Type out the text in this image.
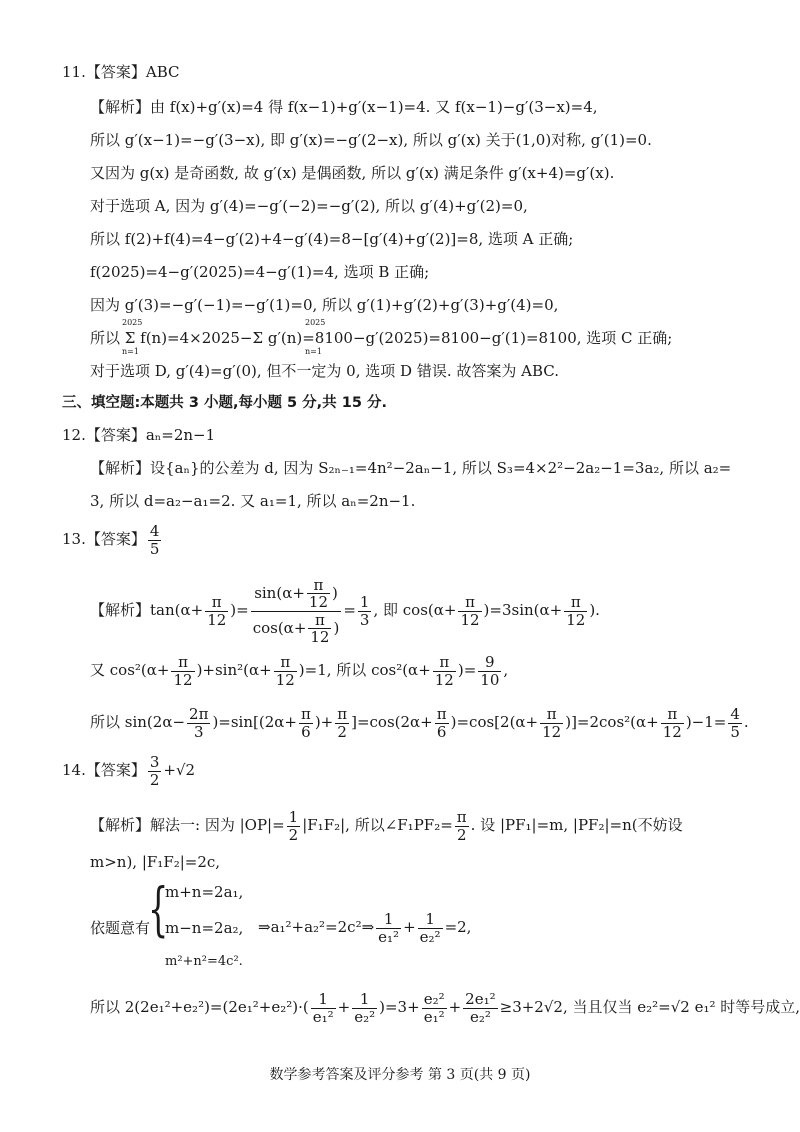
11.【答案】ABC
【解析】由 f(x)+g′(x)=4 得 f(x−1)+g′(x−1)=4. 又 f(x−1)−g′(3−x)=4,
所以 g′(x−1)=−g′(3−x), 即 g′(x)=−g′(2−x), 所以 g′(x) 关于(1,0)对称, g′(1)=0.
又因为 g(x) 是奇函数, 故 g′(x) 是偶函数, 所以 g′(x) 满足条件 g′(x+4)=g′(x).
对于选项 A, 因为 g′(4)=−g′(−2)=−g′(2), 所以 g′(4)+g′(2)=0,
所以 f(2)+f(4)=4−g′(2)+4−g′(4)=8−[g′(4)+g′(2)]=8, 选项 A 正确;
f(2025)=4−g′(2025)=4−g′(1)=4, 选项 B 正确;
因为 g′(3)=−g′(−1)=−g′(1)=0, 所以 g′(1)+g′(2)+g′(3)+g′(4)=0,
2025	2025
所以 Σ f(n)=4×2025−Σ g′(n)=8100−g′(2025)=8100−g′(1)=8100, 选项 C 正确;
n=1	n=1
对于选项 D, g′(4)=g′(0), 但不一定为 0, 选项 D 错误. 故答案为 ABC.
三、填空题:本题共 3 小题,每小题 5 分,共 15 分.
12.【答案】aₙ=2n−1
【解析】设{aₙ}的公差为 d, 因为 S₂ₙ₋₁=4n²−2aₙ−1, 所以 S₃=4×2²−2a₂−1=3a₂, 所以 a₂=
3, 所以 d=a₂−a₁=2. 又 a₁=1, 所以 aₙ=2n−1.
13.【答案】 $\frac{4}{5}$
【解析】$\tan(\alpha+ \frac{\pi}{12}$ )= $\frac{\sin(\alpha+ \frac{\pi}{12} )}{\cos(\alpha+ \frac{\pi}{12} )} = \frac{1}{3}$ , 即 $\cos(\alpha+ \frac{\pi}{12} )=3\sin(\alpha+ \frac{\pi}{12}$ ).
又 $\cos^2(\alpha+ \frac{\pi}{12} )+\sin^2(\alpha+ \frac{\pi}{12} )=1$, 所以 $\cos^2(\alpha+ \frac{\pi}{12}$ )= $\frac{9}{10}$ ,
所以 $\sin(2\alpha- \frac{2\pi}{3} )=\sin[(2\alpha+ \frac{\pi}{6}$ )+ $\frac{\pi}{2} ]=\cos(2\alpha+ \frac{\pi}{6} )=\cos[2(\alpha+ \frac{\pi}{12} )]=2\cos^2(\alpha+ \frac{\pi}{12} )-1= \frac{4}{5}$ .
14.【答案】 $\frac{3}{2} +√2$
【解析】解法一: 因为 $|OP|= \frac{1}{2} |F_1F_2|$, 所以∠F₁PF₂= $\frac{\pi}{2}$ . 设 |PF₁|=m, |PF₂|=n(不妨设
m>n), |F₁F₂|=2c,
依题意有
{
m+n=2a₁,
m−n=2a₂,
m²+n²=4c².
⇒a₁²+a₂²=2c²⇒ $\frac{1}{\text{e₁²}} + \frac{1}{\text{e₂²}} =2$,
所以 $2(2e_1^2+e_2^2)=(2e_1^2+e_2^2)\cdot( \frac{1}{\text{e₁²}} + \frac{1}{\text{e₂²}} )=3+ \frac{\text{e₂²}}{\text{e₁²}} + \frac{\text{2e₁²}}{\text{e₂²}} \ge 3+2√2$, 当且仅当 e₂²=√2 e₁² 时等号成立,
数学参考答案及评分参考 第 3 页(共 9 页)
